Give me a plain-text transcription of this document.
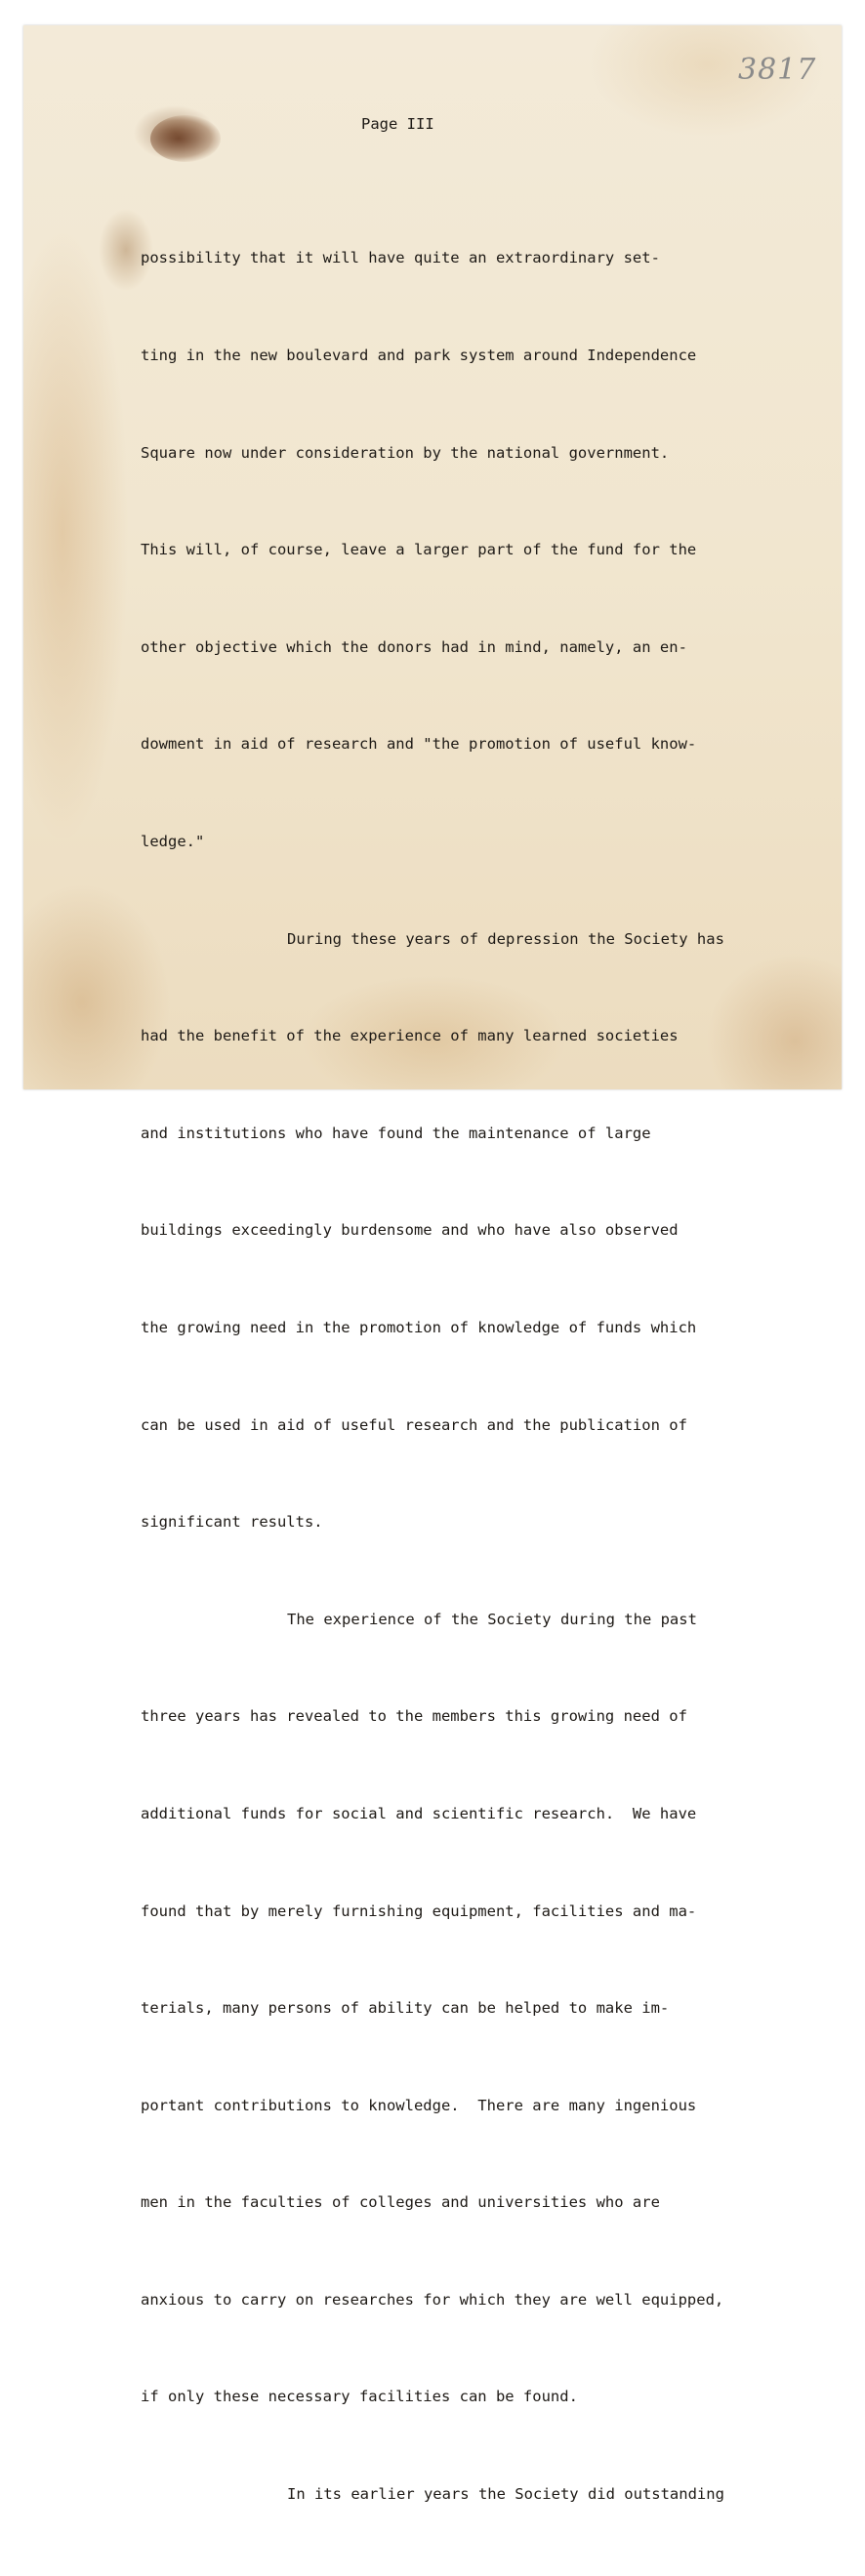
3817
Page III

possibility that it will have quite an extraordinary set-

ting in the new boulevard and park system around Independence

Square now under consideration by the national government.

This will, of course, leave a larger part of the fund for the

other objective which the donors had in mind, namely, an en-

dowment in aid of research and "the promotion of useful know-

ledge."

During these years of depression the Society has

had the benefit of the experience of many learned societies

and institutions who have found the maintenance of large

buildings exceedingly burdensome and who have also observed

the growing need in the promotion of knowledge of funds which

can be used in aid of useful research and the publication of

significant results.

The experience of the Society during the past

three years has revealed to the members this growing need of

additional funds for social and scientific research.  We have

found that by merely furnishing equipment, facilities and ma-

terials, many persons of ability can be helped to make im-

portant contributions to knowledge.  There are many ingenious

men in the faculties of colleges and universities who are

anxious to carry on researches for which they are well equipped,

if only these necessary facilities can be found.

In its earlier years the Society did outstanding
